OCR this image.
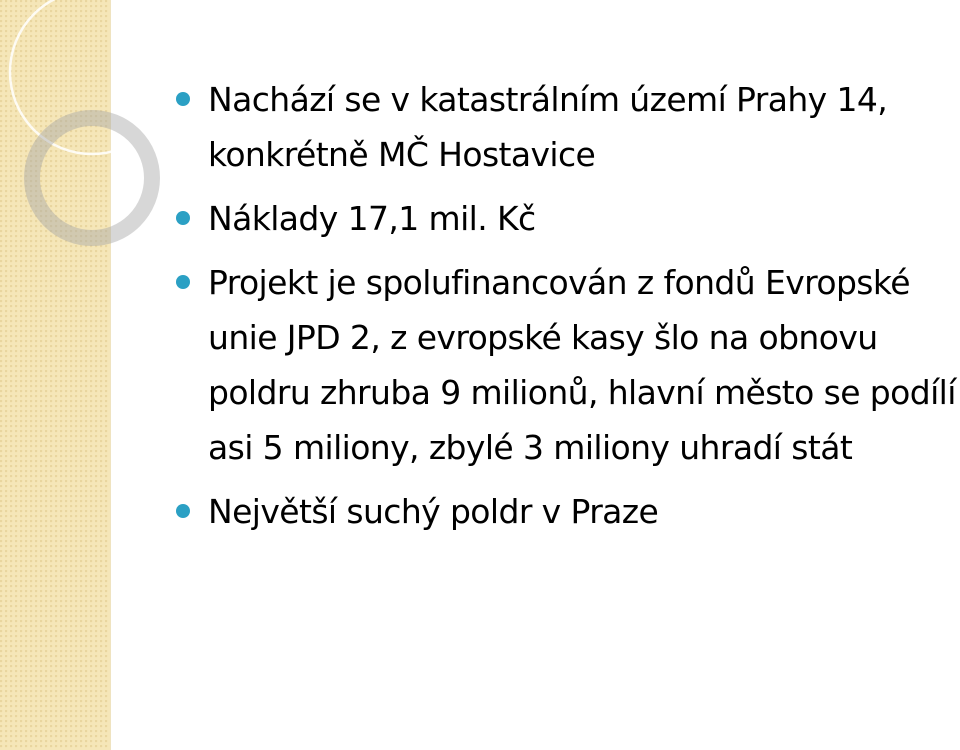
Nachází se v katastrálním území Prahy 14, konkrétně MČ Hostavice
Náklady 17,1 mil. Kč
Projekt je spolufinancován z fondů Evropské unie JPD 2, z evropské kasy šlo na obnovu poldru zhruba 9 milionů, hlavní město se podílí asi 5 miliony, zbylé 3 miliony uhradí stát
Největší suchý poldr v Praze
